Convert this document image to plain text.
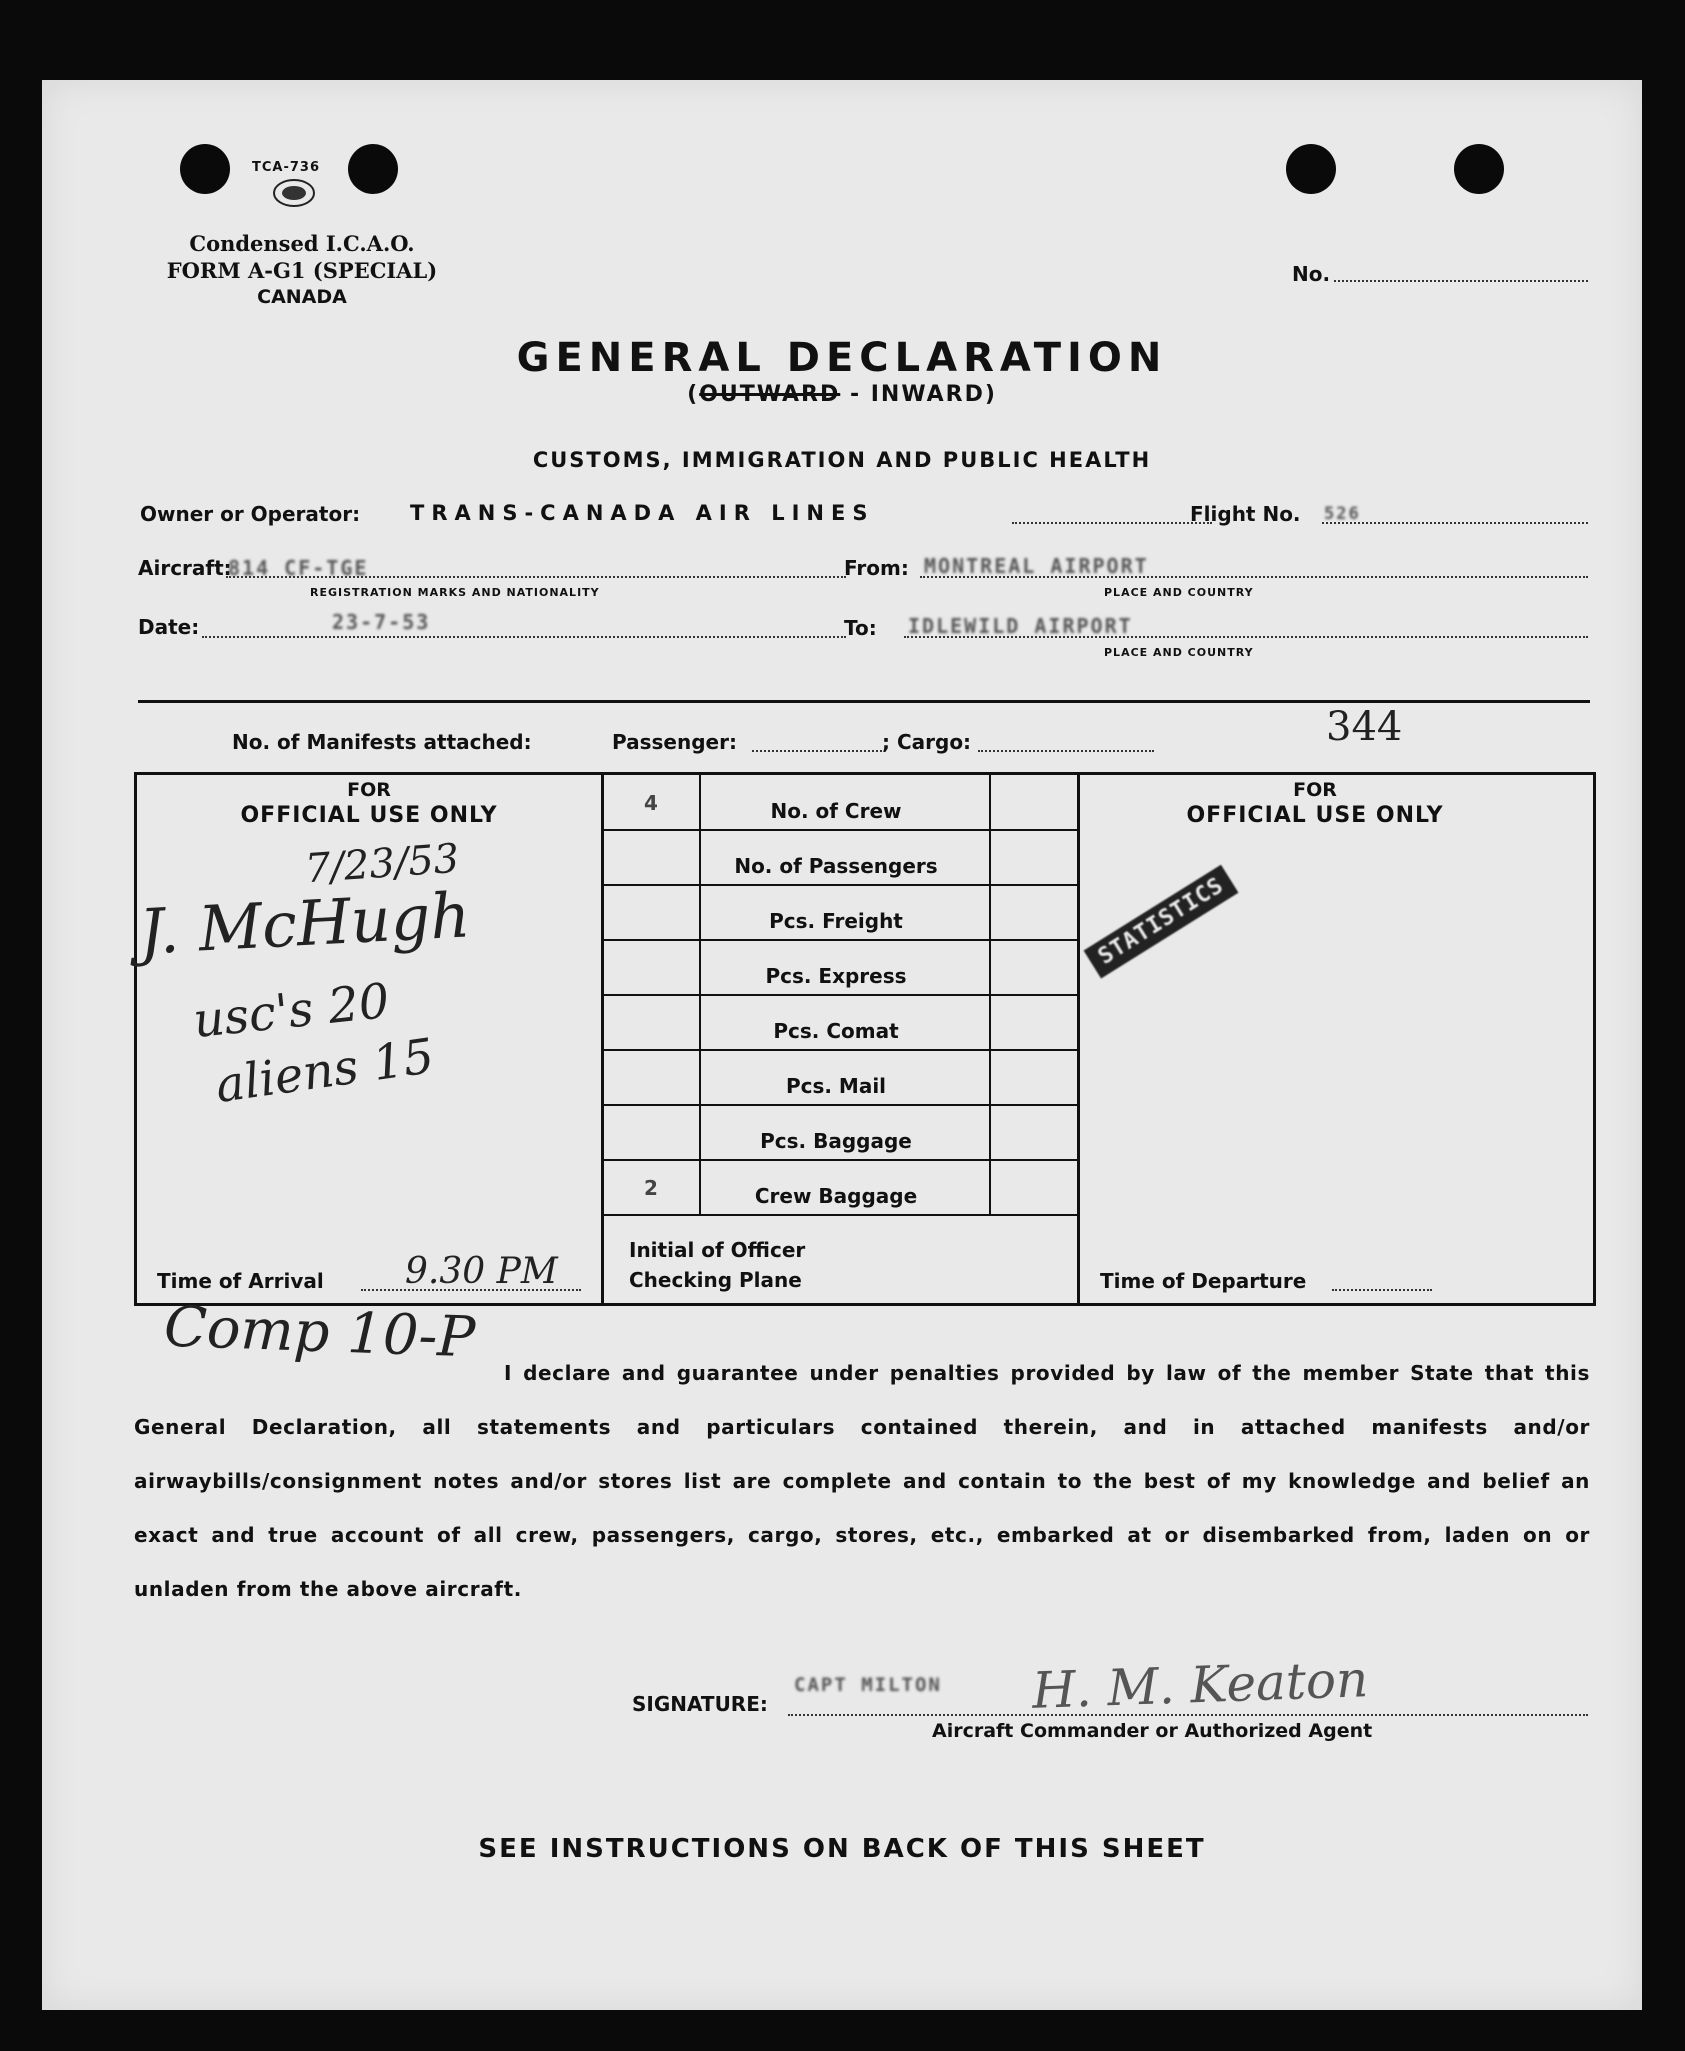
TCA-736
Condensed I.C.A.O.
FORM A-G1 (SPECIAL)
CANADA
No.
GENERAL DECLARATION
(OUTWARD - INWARD)
CUSTOMS, IMMIGRATION AND PUBLIC HEALTH
Owner or Operator: TRANS-CANADA AIR LINES	Flight No. 526
Aircraft:
814 CF-TGE
REGISTRATION MARKS AND NATIONALITY
From: MONTREAL AIRPORT
PLACE AND COUNTRY
Date:	23-7-53	To: IDLEWILD AIRPORT
PLACE AND COUNTRY
No. of Manifests attached:	Passenger:	; Cargo:	344
FOR
OFFICIAL USE ONLY
7/23/53
J. McHugh
usc's 20
aliens 15
Time of Arrival 9.30 PM
4	No. of Crew
No. of Passengers
Pcs. Freight
Pcs. Express
Pcs. Comat
Pcs. Mail
Pcs. Baggage
2	Crew Baggage
Initial of Officer
Checking Plane
FOR
OFFICIAL USE ONLY
STATISTICS
Time of Departure
Comp 10-P
I declare and guarantee under penalties provided by law of the member State that this General Declaration, all statements and particulars contained therein, and in attached manifests and/or airwaybills/consignment notes and/or stores list are complete and contain to the best of my knowledge and belief an exact and true account of all crew, passengers, cargo, stores, etc., embarked at or disembarked from, laden on or unladen from the above aircraft.
SIGNATURE:
CAPT MILTON H. M. Keaton
Aircraft Commander or Authorized Agent
SEE INSTRUCTIONS ON BACK OF THIS SHEET
